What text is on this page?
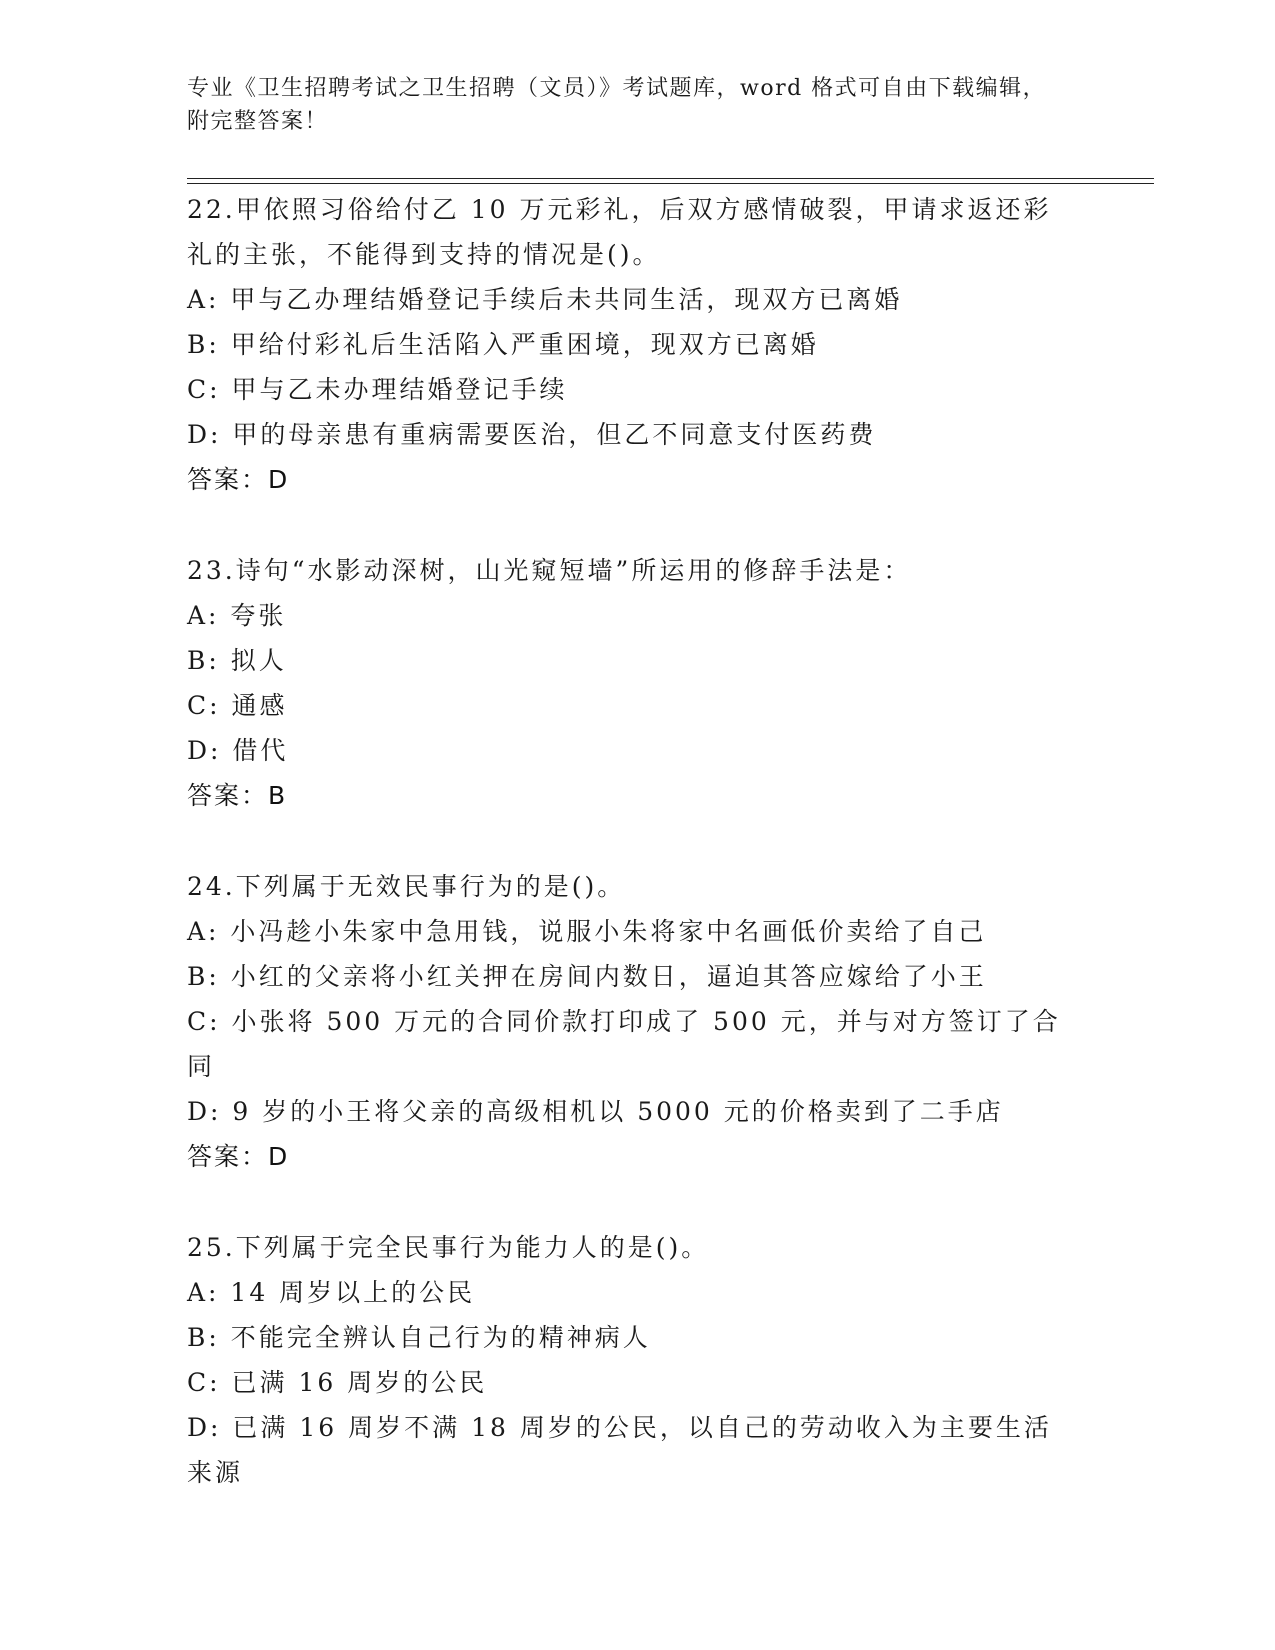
专业《卫生招聘考试之卫生招聘（文员）》考试题库，word 格式可自由下载编辑，附完整答案！

22.甲依照习俗给付乙 10 万元彩礼，后双方感情破裂，甲请求返还彩礼的主张，不能得到支持的情况是()。

A: 甲与乙办理结婚登记手续后未共同生活，现双方已离婚

B: 甲给付彩礼后生活陷入严重困境，现双方已离婚

C: 甲与乙未办理结婚登记手续

D: 甲的母亲患有重病需要医治，但乙不同意支付医药费

答案：D

23.诗句“水影动深树，山光窥短墙”所运用的修辞手法是：

A: 夸张

B: 拟人

C: 通感

D: 借代

答案：B

24.下列属于无效民事行为的是()。

A: 小冯趁小朱家中急用钱，说服小朱将家中名画低价卖给了自己

B: 小红的父亲将小红关押在房间内数日，逼迫其答应嫁给了小王

C: 小张将 500 万元的合同价款打印成了 500 元，并与对方签订了合同

D: 9 岁的小王将父亲的高级相机以 5000 元的价格卖到了二手店

答案：D

25.下列属于完全民事行为能力人的是()。

A: 14 周岁以上的公民

B: 不能完全辨认自己行为的精神病人

C: 已满 16 周岁的公民

D: 已满 16 周岁不满 18 周岁的公民，以自己的劳动收入为主要生活来源
